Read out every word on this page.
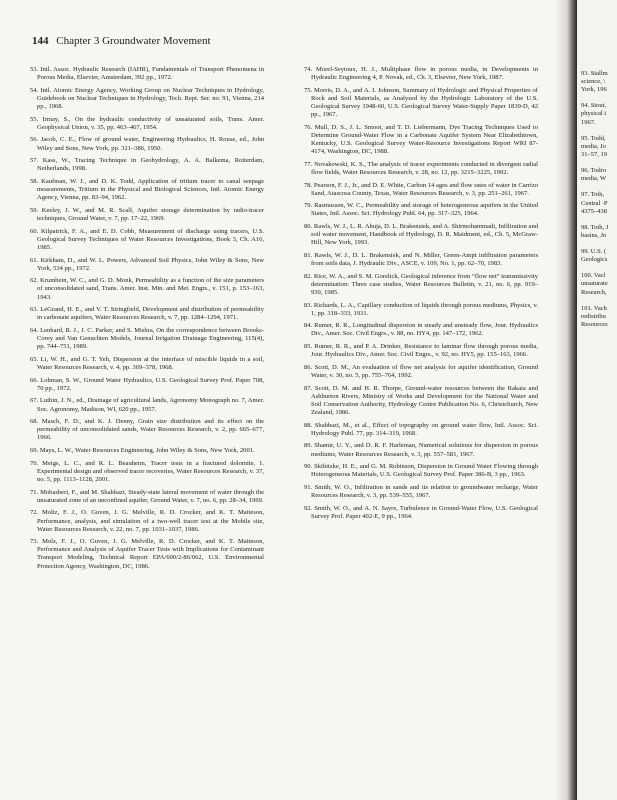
144 Chapter 3 Groundwater Movement

53. Intl. Assoc. Hydraulic Research (IAHR), Fundamentals of Transport Phenomena in Porous Media, Elsevier, Amsterdam, 392 pp., 1972.

54. Intl. Atomic Energy Agency, Working Group on Nuclear Techniques in Hydrology, Guidebook on Nuclear Techniques in Hydrology, Tech. Rept. Ser. no. 91, Vienna, 214 pp., 1968.

55. Irmay, S., On the hydraulic conductivity of unsaturated soils, Trans. Amer. Geophysical Union, v. 35, pp. 463–467, 1954.

56. Jacob, C. E., Flow of ground water, Engineering Hydraulics, H. Rouse, ed., John Wiley and Sons, New York, pp. 321–386, 1950.

57. Kass, W., Tracing Technique in Geohydrology, A. A. Balkema, Rotterdam, Netherlands, 1998.

58. Kaufman, W. J., and D. K. Todd, Application of tritium tracer to canal seepage measurements, Tritium in the Physical and Biological Sciences, Intl. Atomic Energy Agency, Vienna, pp. 83–94, 1962.

59. Keeley, J. W., and M. R. Scalf, Aquifer storage determination by radio-tracer techniques, Ground Water, v. 7, pp. 17–22, 1969.

60. Kilpatrick, F. A., and E. D. Cobb, Measurement of discharge using tracers, U.S. Geological Survey Techniques of Water Resources Investigations, Book 3, Ch. A16, 1985.

61. Kirkham, D., and W. L. Powers, Advanced Soil Physics, John Wiley & Sons, New York, 534 pp., 1972.

62. Krumbein, W. C., and G. D. Monk, Permeability as a function of the size parameters of unconsolidated sand, Trans. Amer. Inst. Min. and Met. Engrs., v. 151, p. 153–163, 1943.

63. LeGrand, H. E., and V. T. Stringfield, Development and distribution of permeability in carbonate aquifers, Water Resources Research, v. 7, pp. 1284–1294, 1971.

64. Lenhard, R. J., J. C. Parker, and S. Mishra, On the correspondence between Brooks-Corey and Van Genuchten Models, Journal Irrigation Drainage Engineering, 115(4), pp. 744–751, 1989.

65. Li, W. H., and G. T. Yeh, Dispersion at the interface of miscible liquids in a soil, Water Resources Research, v. 4, pp. 369–378, 1968.

66. Lohman, S. W., Ground Water Hydraulics, U.S. Geological Survey Prof. Paper 708, 70 pp., 1972.

67. Luthin, J. N., ed., Drainage of agricultural lands, Agronomy Monograph no. 7, Amer. Soc. Agronomy, Madison, WI, 620 pp., 1957.

68. Masch, F. D., and K. J. Denny, Grain size distribution and its effect on the permeability of unconsolidated sands, Water Resources Research, v. 2, pp. 665–677, 1966.

69. Mays, L. W., Water Resources Engineering, John Wiley & Sons, New York, 2001.

70. Meigs, L. C., and R. L. Beauheim, Tracer tests in a fractured dolomite, 1. Experimental design and observed tracer recoveries, Water Resources Research, v. 37, no. 5, pp. 1113–1128, 2001.

71. Mobasheri, F., and M. Shahbazi, Steady-state lateral movement of water through the unsaturated zone of an unconfined aquifer, Ground Water, v. 7, no. 6, pp. 28–34, 1969.

72. Moltz, F. J., O. Guven, J. G. Melville, R. D. Crocker, and K. T. Matteson, Performance, analysis, and simulation of a two-well tracer test at the Mobile site, Water Resources Research, v. 22, no. 7, pp. 1031–1037, 1986.

73. Molz, F. J., O. Guven, J. G. Melville, R. D. Crocker, and K. T. Matteson, Performance and Analysis of Aquifer Tracer Tests with Implications for Contaminant Transport Modeling, Technical Report EPA/600/2-86/062, U.S. Environmental Protection Agency, Washington, DC, 1986.

74. Morel-Seytoux, H. J., Multiphase flow in porous media, in Developments in Hydraulic Engineering 4, P. Novak, ed., Ch. 3, Elsevier, New York, 1987.

75. Morris, D. A., and A. I. Johnson, Summary of Hydrologic and Physical Properties of Rock and Soil Materials, as Analyzed by the Hydrologic Laboratory of the U.S. Geological Survey 1948-60, U.S. Geological Survey Water-Supply Paper 1839-D, 42 pp., 1967.

76. Mull, D. S., J. L. Smoot, and T. D. Liebermann, Dye Tracing Techniques Used to Determine Ground-Water Flow in a Carbonate Aquifer System Near Elizabethtown, Kentucky, U.S. Geological Survey Water-Resource Investigations Report WRI 87-4174, Washington, DC, 1988.

77. Novakowski, K. S., The analysis of tracer experiments conducted in divergent radial flow fields, Water Resources Research, v. 28, no. 12, pp. 3215–3225, 1992.

78. Pearson, F. J., Jr., and D. E. White, Carbon 14 ages and flow rates of water in Carrizo Sand, Atascosa County, Texas, Water Resources Research, v. 3, pp. 251–261, 1967.

79. Rasmussen, W. C., Permeability and storage of heterogeneous aquifers in the United States, Intl. Assoc. Sci. Hydrology Publ. 64, pp. 317–325, 1964.

80. Rawls, W. J., L. R. Ahuja, D. L. Brakensiek, and A. Shirmohammadi, Infiltration and soil water movement, Handbook of Hydrology, D. R. Maidment, ed., Ch. 5, McGraw-Hill, New York, 1993.

81. Rawls, W. J., D. L. Brakensiek, and N. Miller, Green-Ampt infiltration parameters from soils data, J. Hydraulic Div., ASCE, v. 109, No. 1, pp. 62–70, 1983.

82. Rice, W. A., and S. M. Gorelick, Geological inference from “flow net” transmissivity determination: Three case studies, Water Resources Bulletin, v. 21, no. 6, pp. 919–930, 1985.

83. Richards, L. A., Capillary conduction of liquids through porous mediums, Physics, v. 1, pp. 318–333, 1931.

84. Rumer, R. R., Longitudinal dispersion in steady and unsteady flow, Jour. Hydraulics Div., Amer. Soc. Civil Engrs., v. 88, no. HY4, pp. 147–172, 1962.

85. Rumer, R. R., and P. A. Drinker, Resistance to laminar flow through porous media, Jour. Hydraulics Div., Amer. Soc. Civil Engrs., v. 92, no. HY5, pp. 155–163, 1966.

86. Scott, D. M., An evaluation of flow net analysis for aquifer identification, Ground Water, v. 30, no. 5, pp. 755–764, 1992.

87. Scott, D. M. and H. R. Thorpe, Ground-water resources between the Rakaia and Ashburton Rivers, Ministry of Works and Development for the National Water and Soil Conservation Authority, Hydrology Centre Publication No. 6, Christchurch, New Zealand, 1986.

88. Shahbazi, M., et al., Effect of topography on ground water flow, Intl. Assoc. Sci. Hydrology Publ. 77, pp. 314–319, 1968.

89. Shamir, U. Y., and D. R. F. Harleman, Numerical solutions for dispersion in porous mediums, Water Resources Research, v. 3, pp. 557–581, 1967.

90. Skibitzke, H. E., and G. M. Robinson, Dispersion in Ground Water Flowing through Heterogeneous Materials, U.S. Geological Survey Prof. Paper 386-B, 3 pp., 1963.

91. Smith, W. O., Infiltration in sands and its relation to groundwater recharge, Water Resources Research, v. 3, pp. 539–555, 1967.

92. Smith, W. O., and A. N. Sayre, Turbulence in Ground-Water Flow, U.S. Geological Survey Prof. Paper 402-E, 9 pp., 1964.

93. Stallm
science, \
York, 196
94. Stout,
physical i
1967.
95. Todd,
media, Jo
31–57, 19
96. Todro
media, W
97. Toth,
Central ·P
4375–438
98. Toth, J
basins, Jo
99. U.S. (
Geologics
100. Vacl
unsaturate
Research,
101. Vach
redistribu
Resources
